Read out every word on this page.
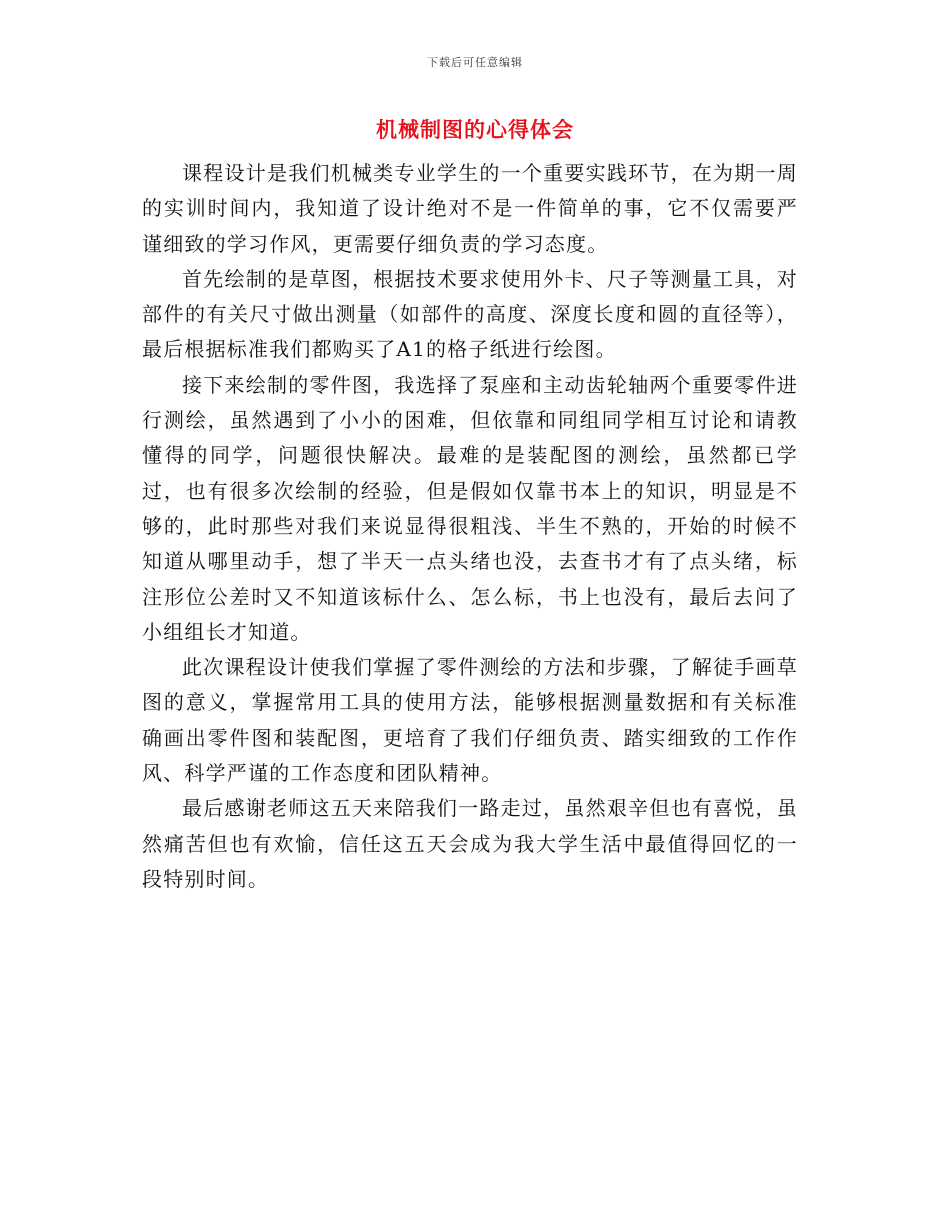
下载后可任意编辑
机械制图的心得体会

课程设计是我们机械类专业学生的一个重要实践环节，在为期一周的实训时间内，我知道了设计绝对不是一件简单的事，它不仅需要严谨细致的学习作风，更需要仔细负责的学习态度。

首先绘制的是草图，根据技术要求使用外卡、尺子等测量工具，对部件的有关尺寸做出测量（如部件的高度、深度长度和圆的直径等），最后根据标准我们都购买了A1的格子纸进行绘图。

接下来绘制的零件图，我选择了泵座和主动齿轮轴两个重要零件进行测绘，虽然遇到了小小的困难，但依靠和同组同学相互讨论和请教懂得的同学，问题很快解决。最难的是装配图的测绘，虽然都已学过，也有很多次绘制的经验，但是假如仅靠书本上的知识，明显是不够的，此时那些对我们来说显得很粗浅、半生不熟的，开始的时候不知道从哪里动手，想了半天一点头绪也没，去查书才有了点头绪，标注形位公差时又不知道该标什么、怎么标，书上也没有，最后去问了小组组长才知道。

此次课程设计使我们掌握了零件测绘的方法和步骤，了解徒手画草图的意义，掌握常用工具的使用方法，能够根据测量数据和有关标准确画出零件图和装配图，更培育了我们仔细负责、踏实细致的工作作风、科学严谨的工作态度和团队精神。

最后感谢老师这五天来陪我们一路走过，虽然艰辛但也有喜悦，虽然痛苦但也有欢愉，信任这五天会成为我大学生活中最值得回忆的一段特别时间。
